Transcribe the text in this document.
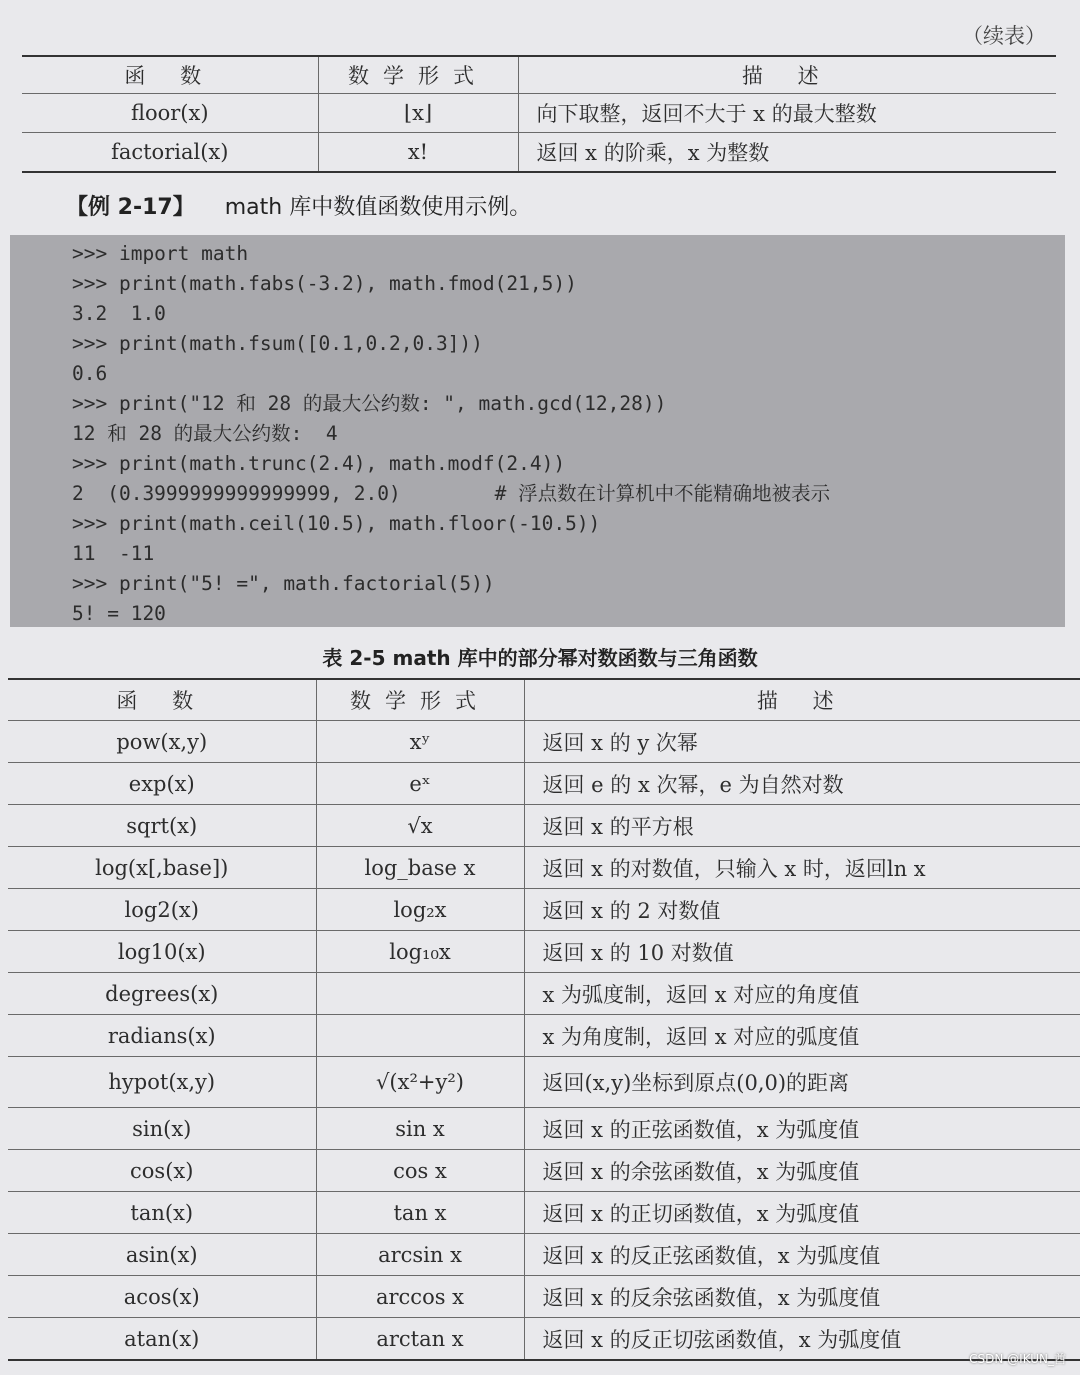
（续表）
函 数	数学形式	描 述
floor(x)	⌊x⌋	向下取整，返回不大于 x 的最大整数
factorial(x)	x!	返回 x 的阶乘，x 为整数
【例 2-17】 math 库中数值函数使用示例。
>>> import math
>>> print(math.fabs(-3.2), math.fmod(21,5))
3.2  1.0
>>> print(math.fsum([0.1,0.2,0.3]))
0.6
>>> print("12 和 28 的最大公约数: ", math.gcd(12,28))
12 和 28 的最大公约数:  4
>>> print(math.trunc(2.4), math.modf(2.4))
2  (0.3999999999999999, 2.0)        # 浮点数在计算机中不能精确地被表示
>>> print(math.ceil(10.5), math.floor(-10.5))
11  -11
>>> print("5! =", math.factorial(5))
5! = 120
表 2-5 math 库中的部分幂对数函数与三角函数
函 数	数学形式	描 述
pow(x,y)	xʸ	返回 x 的 y 次幂
exp(x)	eˣ	返回 e 的 x 次幂，e 为自然对数
sqrt(x)	√x	返回 x 的平方根
log(x[,base])	log_base x	返回 x 的对数值，只输入 x 时，返回ln x
log2(x)	log₂x	返回 x 的 2 对数值
log10(x)	log₁₀x	返回 x 的 10 对数值
degrees(x)		x 为弧度制，返回 x 对应的角度值
radians(x)		x 为角度制，返回 x 对应的弧度值
hypot(x,y)	√(x²+y²)	返回(x,y)坐标到原点(0,0)的距离
sin(x)	sin x	返回 x 的正弦函数值，x 为弧度值
cos(x)	cos x	返回 x 的余弦函数值，x 为弧度值
tan(x)	tan x	返回 x 的正切函数值，x 为弧度值
asin(x)	arcsin x	返回 x 的反正弦函数值，x 为弧度值
acos(x)	arccos x	返回 x 的反余弦函数值，x 为弧度值
atan(x)	arctan x	返回 x 的反正切弦函数值，x 为弧度值
CSDN @IKUN_酋
